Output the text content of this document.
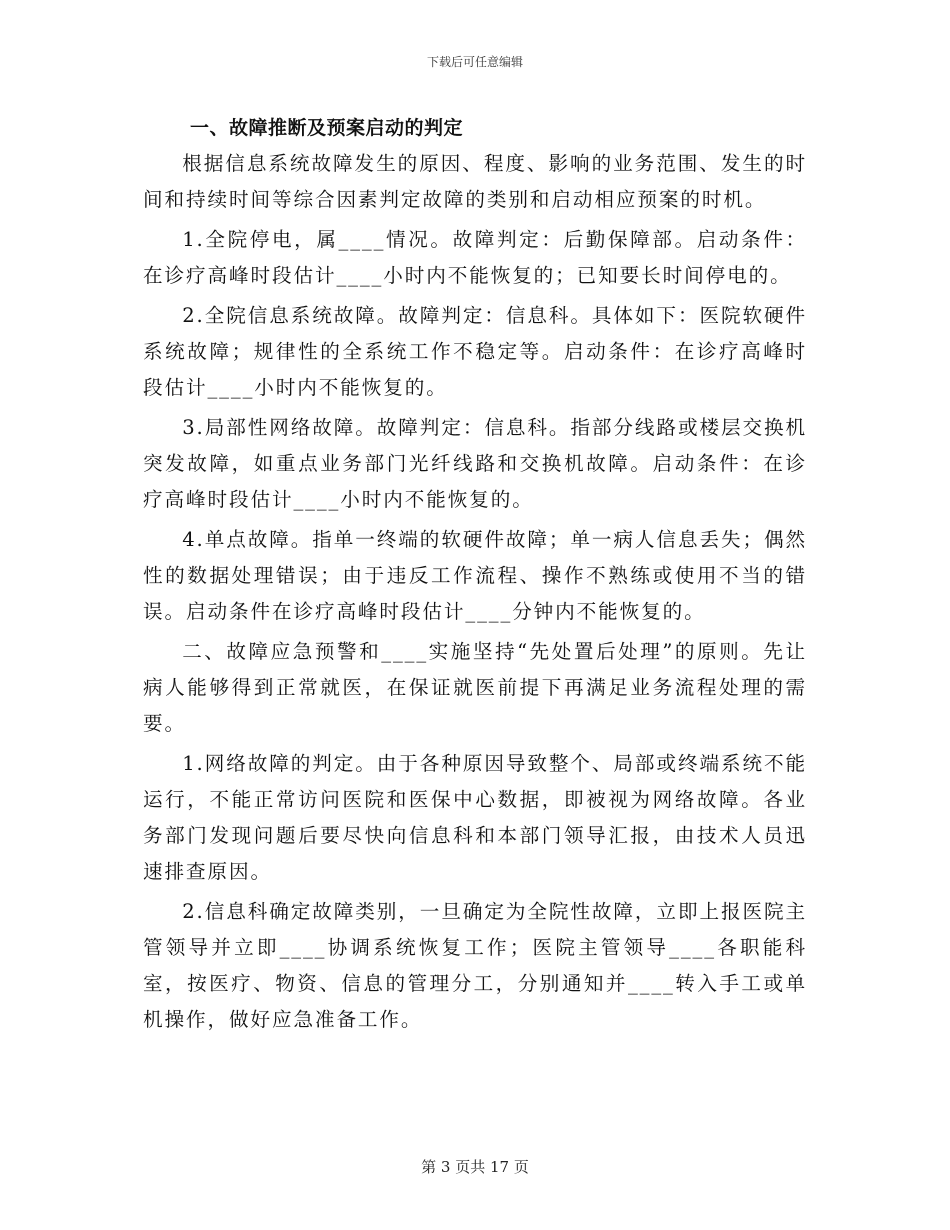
下载后可任意编辑
一、故障推断及预案启动的判定

根据信息系统故障发生的原因、程度、影响的业务范围、发生的时间和持续时间等综合因素判定故障的类别和启动相应预案的时机。

1.全院停电，属____情况。故障判定：后勤保障部。启动条件：在诊疗高峰时段估计____小时内不能恢复的；已知要长时间停电的。

2.全院信息系统故障。故障判定：信息科。具体如下：医院软硬件系统故障；规律性的全系统工作不稳定等。启动条件：在诊疗高峰时段估计____小时内不能恢复的。

3.局部性网络故障。故障判定：信息科。指部分线路或楼层交换机突发故障，如重点业务部门光纤线路和交换机故障。启动条件：在诊疗高峰时段估计____小时内不能恢复的。

4.单点故障。指单一终端的软硬件故障；单一病人信息丢失；偶然性的数据处理错误；由于违反工作流程、操作不熟练或使用不当的错误。启动条件在诊疗高峰时段估计____分钟内不能恢复的。

二、故障应急预警和____实施坚持“先处置后处理”的原则。先让病人能够得到正常就医，在保证就医前提下再满足业务流程处理的需要。

1.网络故障的判定。由于各种原因导致整个、局部或终端系统不能运行，不能正常访问医院和医保中心数据，即被视为网络故障。各业务部门发现问题后要尽快向信息科和本部门领导汇报，由技术人员迅速排查原因。

2.信息科确定故障类别，一旦确定为全院性故障，立即上报医院主管领导并立即____协调系统恢复工作；医院主管领导____各职能科室，按医疗、物资、信息的管理分工，分别通知并____转入手工或单机操作，做好应急准备工作。

第 3 页共 17 页
